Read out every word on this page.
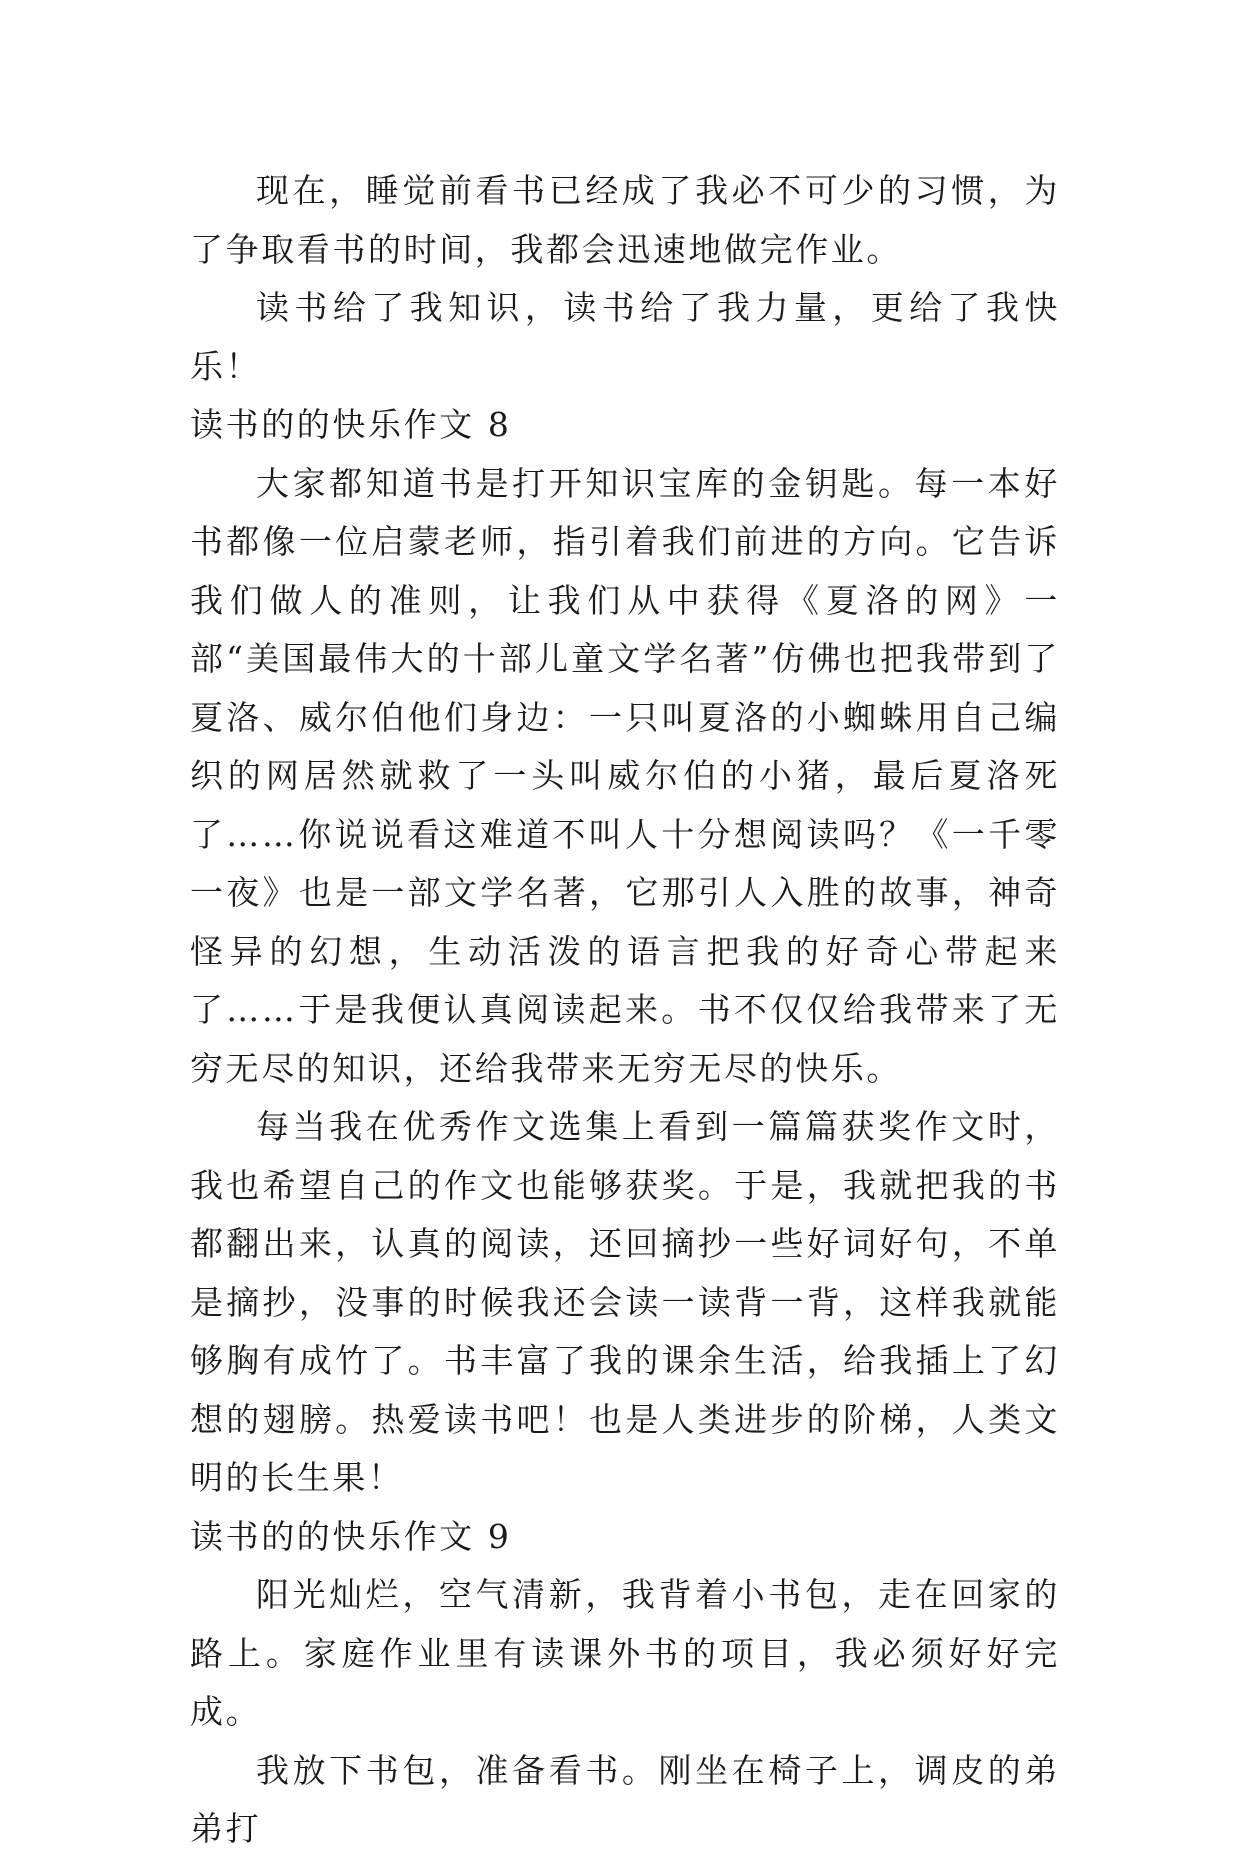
现在，睡觉前看书已经成了我必不可少的习惯，为了争取看书的时间，我都会迅速地做完作业。

读书给了我知识，读书给了我力量，更给了我快乐！

读书的的快乐作文 8

大家都知道书是打开知识宝库的金钥匙。每一本好书都像一位启蒙老师，指引着我们前进的方向。它告诉我们做人的准则，让我们从中获得《夏洛的网》一部“美国最伟大的十部儿童文学名著”仿佛也把我带到了夏洛、威尔伯他们身边：一只叫夏洛的小蜘蛛用自己编织的网居然就救了一头叫威尔伯的小猪，最后夏洛死了……你说说看这难道不叫人十分想阅读吗？《一千零一夜》也是一部文学名著，它那引人入胜的故事，神奇怪异的幻想，生动活泼的语言把我的好奇心带起来了……于是我便认真阅读起来。书不仅仅给我带来了无穷无尽的知识，还给我带来无穷无尽的快乐。

每当我在优秀作文选集上看到一篇篇获奖作文时，我也希望自己的作文也能够获奖。于是，我就把我的书都翻出来，认真的阅读，还回摘抄一些好词好句，不单是摘抄，没事的时候我还会读一读背一背，这样我就能够胸有成竹了。书丰富了我的课余生活，给我插上了幻想的翅膀。热爱读书吧！也是人类进步的阶梯，人类文明的长生果！

读书的的快乐作文 9

阳光灿烂，空气清新，我背着小书包，走在回家的路上。家庭作业里有读课外书的项目，我必须好好完成。

我放下书包，准备看书。刚坐在椅子上，调皮的弟弟打
